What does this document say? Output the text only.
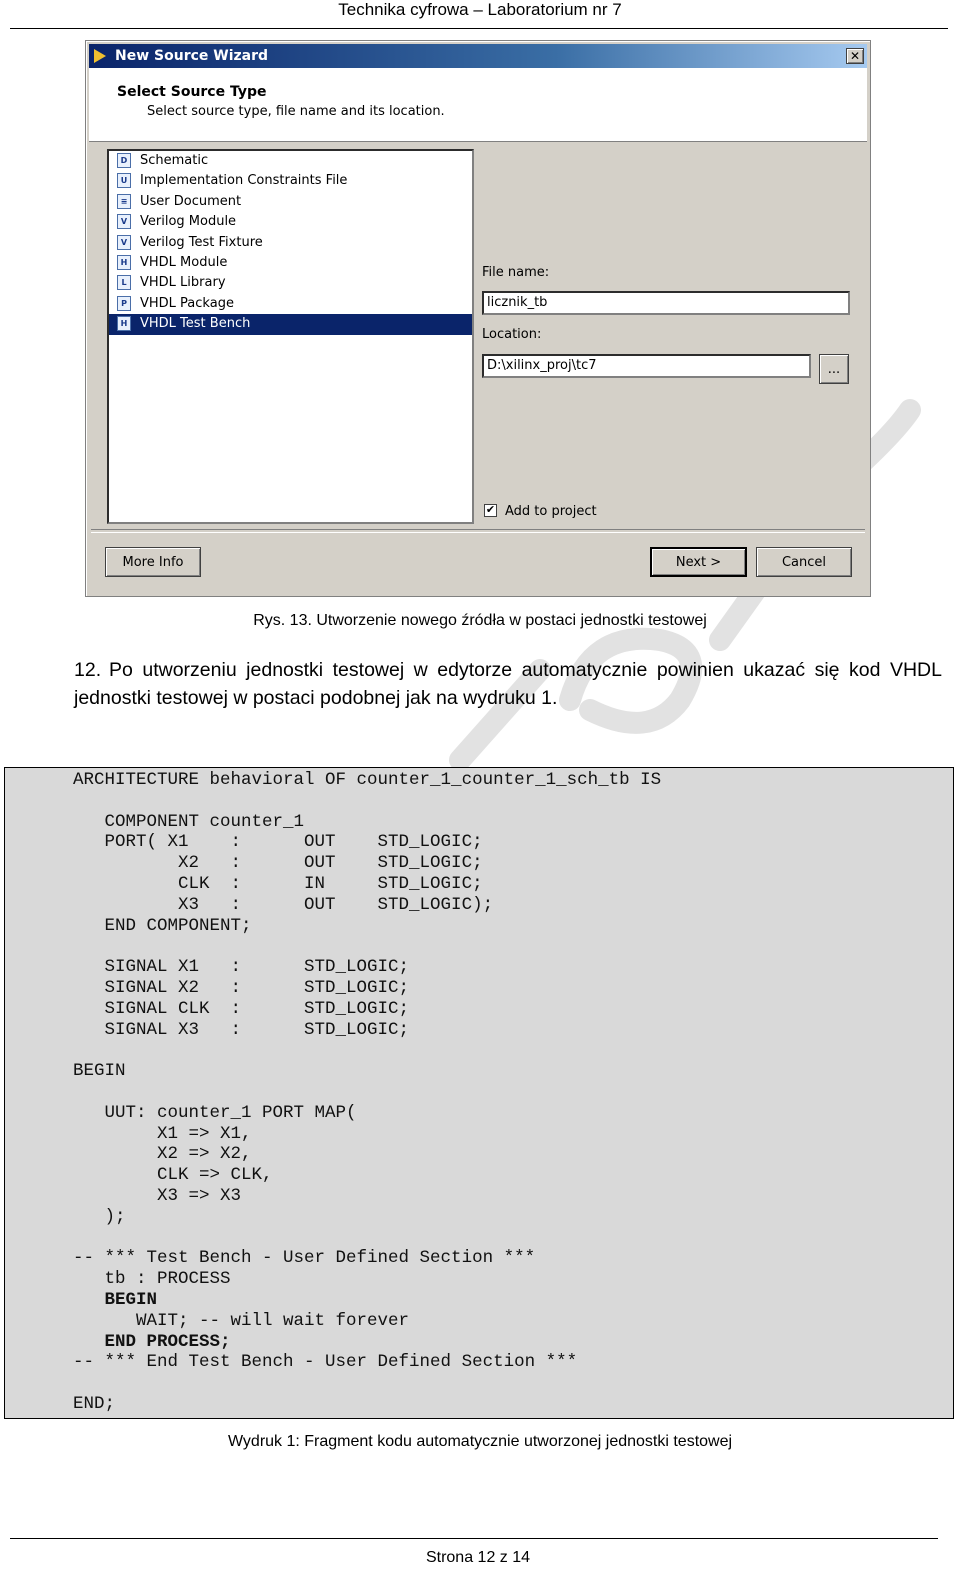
Technika cyfrowa – Laboratorium nr 7
New Source Wizard	✕
Select Source Type
Select source type, file name and its location.
D Schematic
U Implementation Constraints File
≡ User Document
V Verilog Module
V Verilog Test Fixture
H VHDL Module
L	VHDL Library
P	VHDL Package
H VHDL Test Bench
File name:
licznik_tb
Location:
D:\xilinx_proj\tc7	...
✔ Add to project
More Info	Next >	Cancel
Rys. 13. Utworzenie nowego źródła w postaci jednostki testowej
12. Po utworzeniu jednostki testowej w edytorze automatycznie powinien ukazać się kod VHDL jednostki testowej w postaci podobnej jak na wydruku 1.
ARCHITECTURE behavioral OF counter_1_counter_1_sch_tb IS

COMPONENT counter_1
PORT( X1    :      OUT    STD_LOGIC;
X2   :      OUT    STD_LOGIC;
CLK  :      IN     STD_LOGIC;
X3   :      OUT    STD_LOGIC);
END COMPONENT;

SIGNAL X1   :      STD_LOGIC;
SIGNAL X2   :      STD_LOGIC;
SIGNAL CLK  :      STD_LOGIC;
SIGNAL X3   :      STD_LOGIC;

BEGIN

UUT: counter_1 PORT MAP(
X1 => X1,
X2 => X2,
CLK => CLK,
X3 => X3
);

-- *** Test Bench - User Defined Section ***
tb : PROCESS
BEGIN
WAIT; -- will wait forever
END PROCESS;
-- *** End Test Bench - User Defined Section ***

END;
Wydruk 1: Fragment kodu automatycznie utworzonej jednostki testowej
Strona 12 z 14
